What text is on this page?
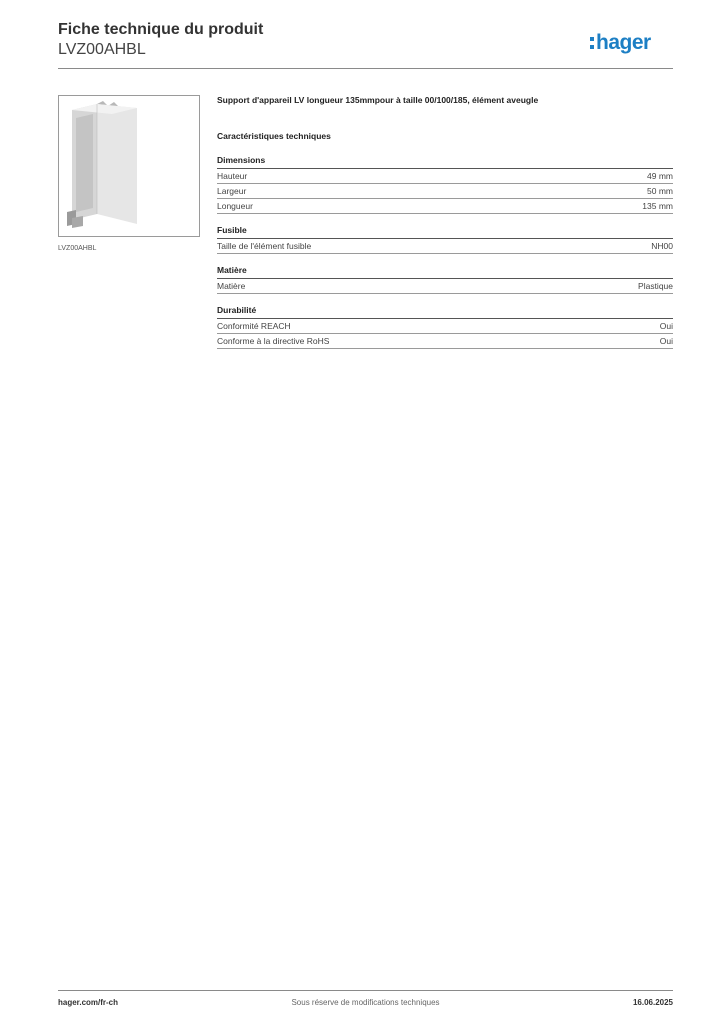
Fiche technique du produit
LVZ00AHBL	hager
LVZ00AHBL
Support d'appareil LV longueur 135mmpour à taille 00/100/185, élément aveugle
Caractéristiques techniques
Dimensions
Hauteur	49 mm
Largeur	50 mm
Longueur	135 mm
Fusible
Taille de l'élément fusible	NH00
Matière
Matière	Plastique
Durabilité
Conformité REACH	Oui
Conforme à la directive RoHS	Oui
hager.com/fr-ch	Sous réserve de modifications techniques	16.06.2025
